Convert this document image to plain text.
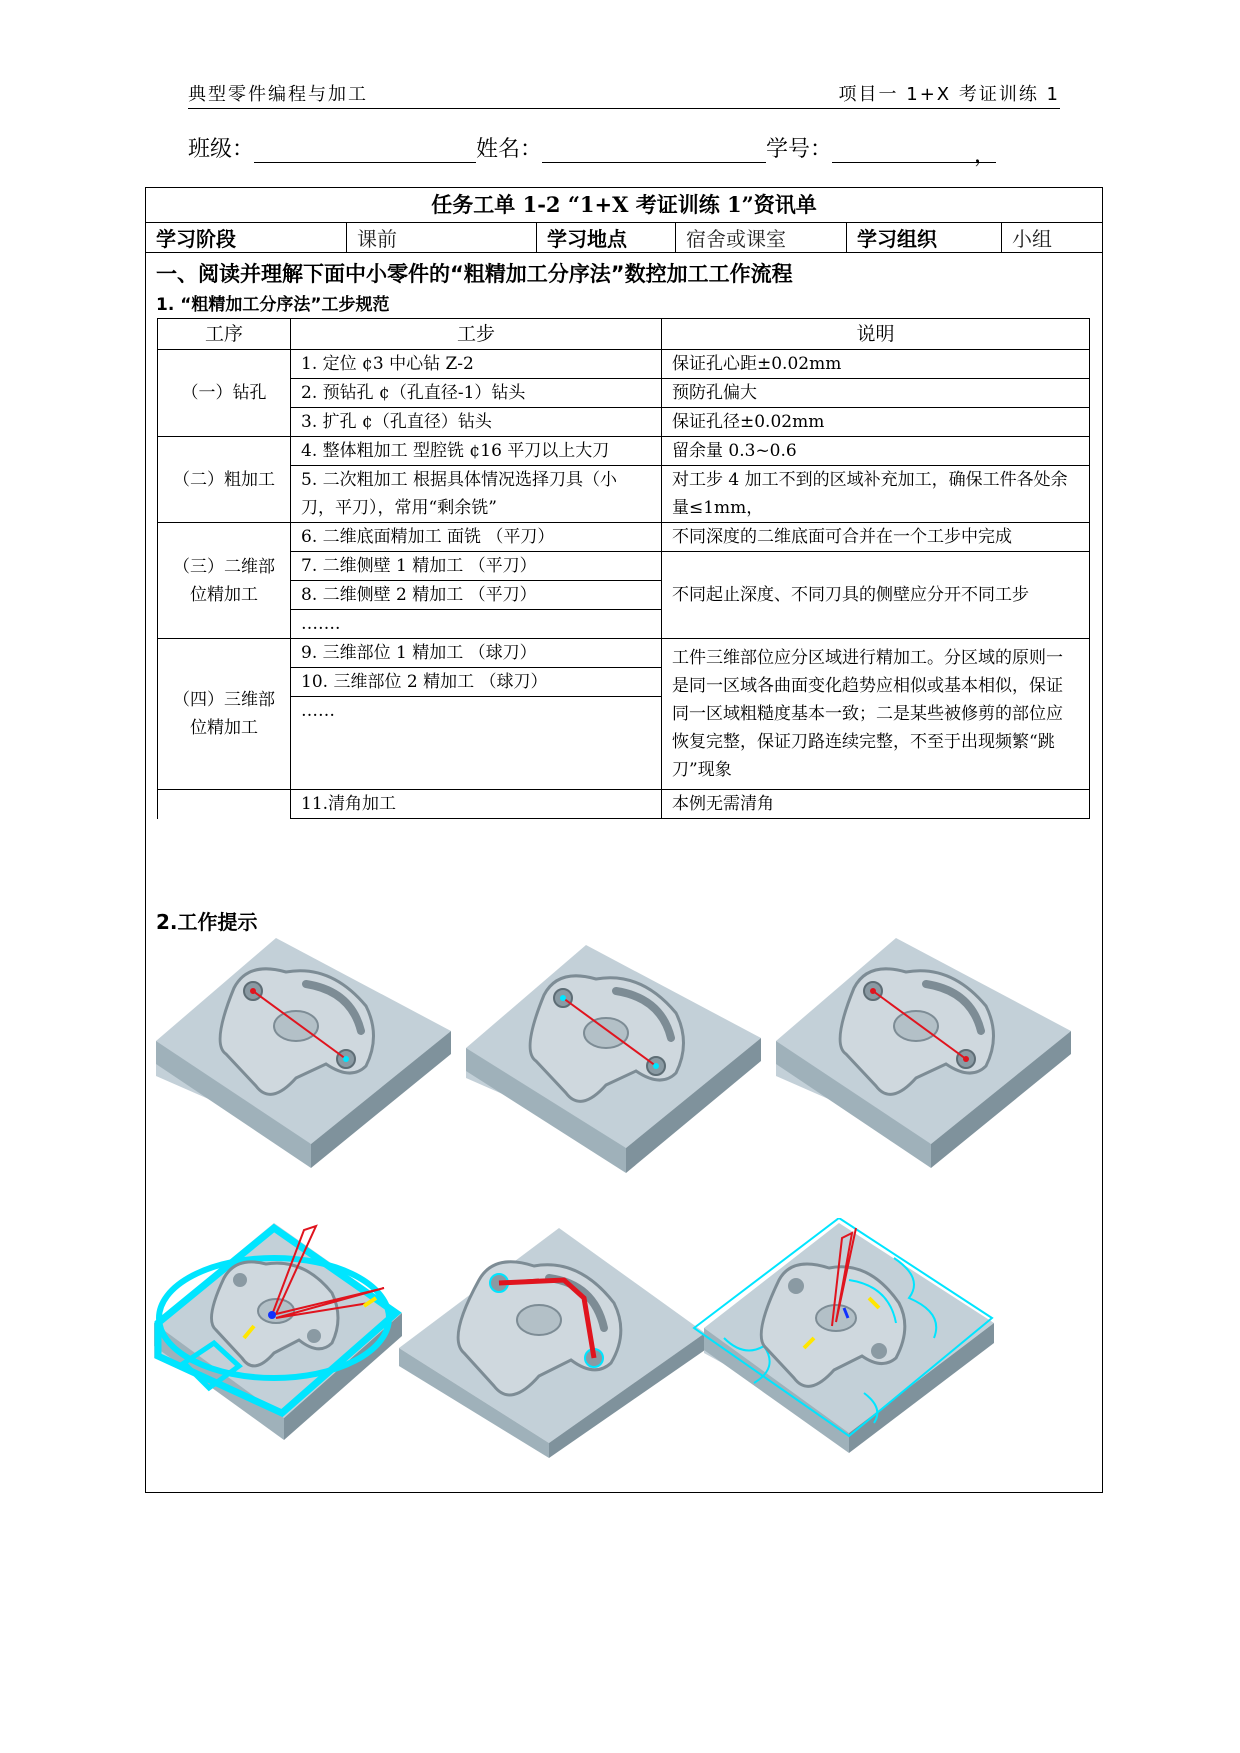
典型零件编程与加工	项目一 1+X 考证训练 1
班级：	姓名：	学号：	，
任务工单 1-2 “1+X 考证训练 1”资讯单
学习阶段	课前	学习地点	宿舍或课室	学习组织	小组
一、阅读并理解下面中小零件的“粗精加工分序法”数控加工工作流程
1. “粗精加工分序法”工步规范
工序	工步	说明
（一）钻孔	1. 定位 ¢3 中心钻 Z-2	保证孔心距±0.02mm
	2. 预钻孔 ¢（孔直径-1）钻头	预防孔偏大
	3. 扩孔 ¢（孔直径）钻头	保证孔径±0.02mm
（二）粗加工	4. 整体粗加工 型腔铣 ¢16 平刀以上大刀	留余量 0.3~0.6
	5. 二次粗加工 根据具体情况选择刀具（小刀，平刀），常用“剩余铣”	对工步 4 加工不到的区域补充加工，确保工件各处余量≤1mm，
（三）二维部位精加工	6. 二维底面精加工 面铣 （平刀）	不同深度的二维底面可合并在一个工步中完成
	7. 二维侧壁 1 精加工 （平刀）	不同起止深度、不同刀具的侧壁应分开不同工步
	8. 二维侧壁 2 精加工 （平刀）	
	…….	
（四）三维部位精加工	9. 三维部位 1 精加工 （球刀）	工件三维部位应分区域进行精加工。分区域的原则一是同一区域各曲面变化趋势应相似或基本相似，保证同一区域粗糙度基本一致；二是某些被修剪的部位应恢复完整，保证刀路连续完整，不至于出现频繁“跳刀”现象
	10. 三维部位 2 精加工 （球刀）	
	……	
	11.清角加工	本例无需清角
2.工作提示
